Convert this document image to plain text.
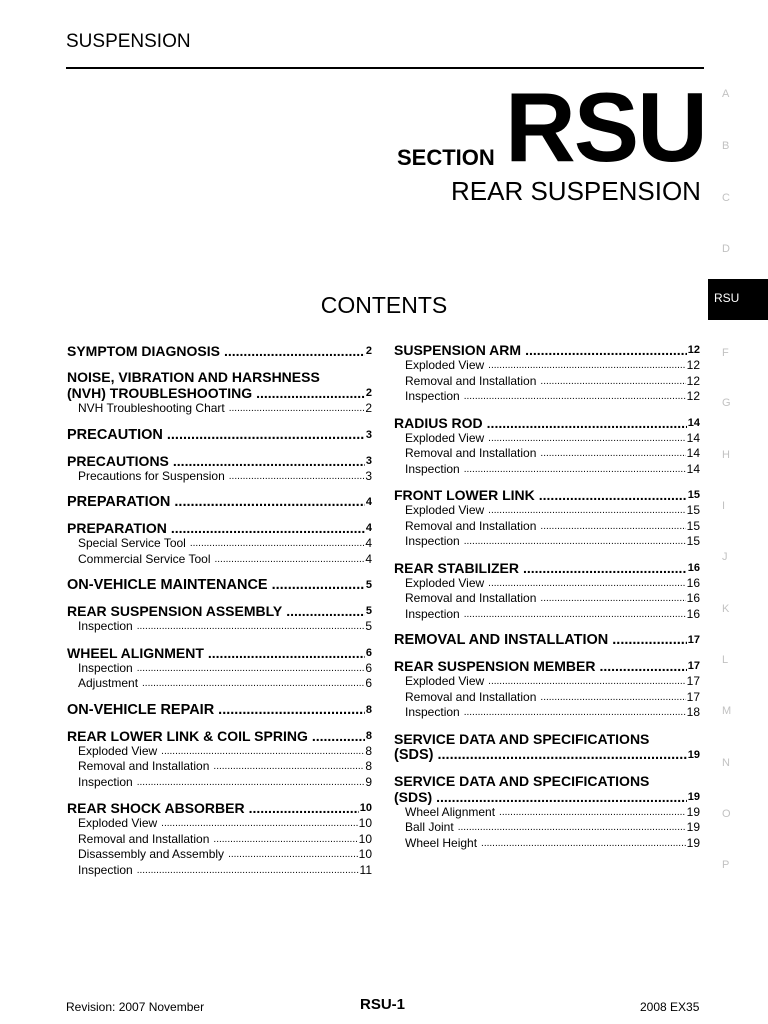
SUSPENSION
SECTION RSU
REAR SUSPENSION
CONTENTS
A
B
C
D
RSU
F
G
H
I
J
K
L
M
N
O
P
SYMPTOM DIAGNOSIS .....	2
NOISE, VIBRATION AND HARSHNESS
(NVH) TROUBLESHOOTING .....	2
NVH Troubleshooting Chart .....	2
PRECAUTION .....	3
PRECAUTIONS .....	3
Precautions for Suspension .....	3
PREPARATION .....	4
PREPARATION .....	4
Special Service Tool .....	4
Commercial Service Tool .....	4
ON-VEHICLE MAINTENANCE .....	5
REAR SUSPENSION ASSEMBLY .....	5
Inspection .....	5
WHEEL ALIGNMENT .....	6
Inspection .....	6
Adjustment .....	6
ON-VEHICLE REPAIR .....	8
REAR LOWER LINK & COIL SPRING .....	8
Exploded View .....	8
Removal and Installation .....	8
Inspection .....	9
REAR SHOCK ABSORBER .....	10
Exploded View .....	10
Removal and Installation .....	10
Disassembly and Assembly .....	10
Inspection .....	11
SUSPENSION ARM .....	12
Exploded View .....	12
Removal and Installation .....	12
Inspection .....	12
RADIUS ROD .....	14
Exploded View .....	14
Removal and Installation .....	14
Inspection .....	14
FRONT LOWER LINK .....	15
Exploded View .....	15
Removal and Installation .....	15
Inspection .....	15
REAR STABILIZER .....	16
Exploded View .....	16
Removal and Installation .....	16
Inspection .....	16
REMOVAL AND INSTALLATION .....	17
REAR SUSPENSION MEMBER .....	17
Exploded View .....	17
Removal and Installation .....	17
Inspection .....	18
SERVICE DATA AND SPECIFICATIONS
(SDS) .....	19
SERVICE DATA AND SPECIFICATIONS
(SDS) .....	19
Wheel Alignment .....	19
Ball Joint .....	19
Wheel Height .....	19
Revision: 2007 November	RSU-1	2008 EX35
